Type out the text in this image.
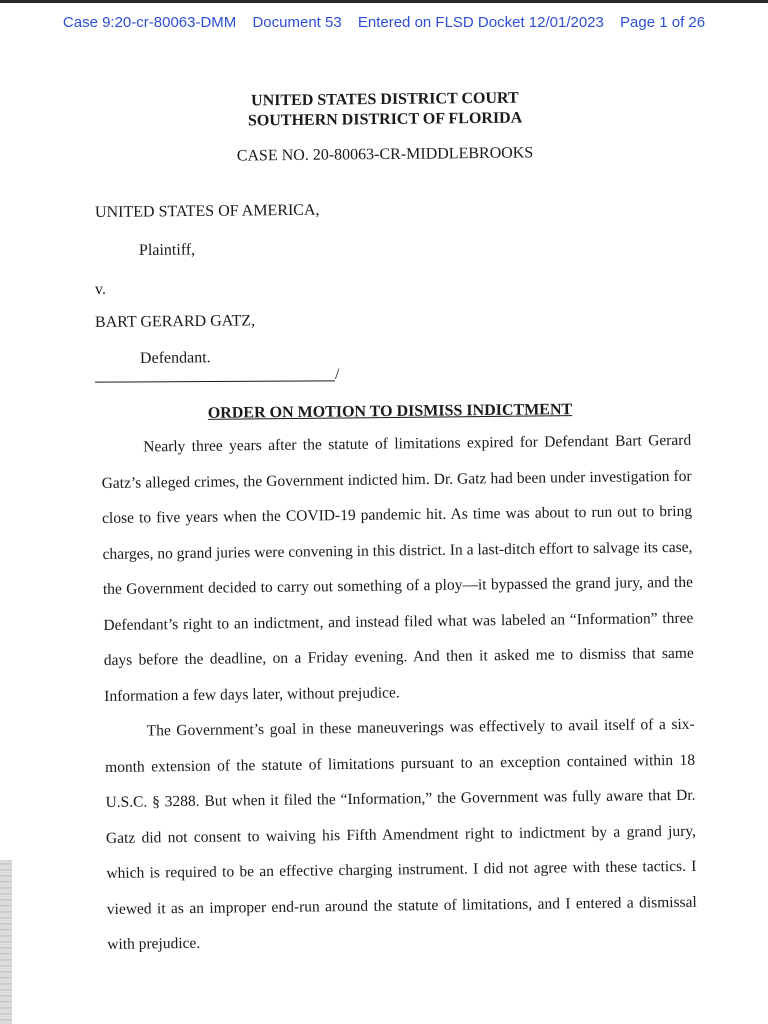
Case 9:20-cr-80063-DMM Document 53 Entered on FLSD Docket 12/01/2023 Page 1 of 26
UNITED STATES DISTRICT COURT
SOUTHERN DISTRICT OF FLORIDA
CASE NO. 20-80063-CR-MIDDLEBROOKS
UNITED STATES OF AMERICA,
Plaintiff,
v.
BART GERARD GATZ,
Defendant.
/
ORDER ON MOTION TO DISMISS INDICTMENT

Nearly three years after the statute of limitations expired for Defendant Bart Gerard Gatz’s alleged crimes, the Government indicted him. Dr. Gatz had been under investigation for close to five years when the COVID-19 pandemic hit. As time was about to run out to bring charges, no grand juries were convening in this district. In a last-ditch effort to salvage its case, the Government decided to carry out something of a ploy—it bypassed the grand jury, and the Defendant’s right to an indictment, and instead filed what was labeled an “Information” three days before the deadline, on a Friday evening. And then it asked me to dismiss that same Information a few days later, without prejudice.

The Government’s goal in these maneuverings was effectively to avail itself of a six-month extension of the statute of limitations pursuant to an exception contained within 18 U.S.C. § 3288. But when it filed the “Information,” the Government was fully aware that Dr. Gatz did not consent to waiving his Fifth Amendment right to indictment by a grand jury, which is required to be an effective charging instrument. I did not agree with these tactics. I viewed it as an improper end-run around the statute of limitations, and I entered a dismissal with prejudice.
